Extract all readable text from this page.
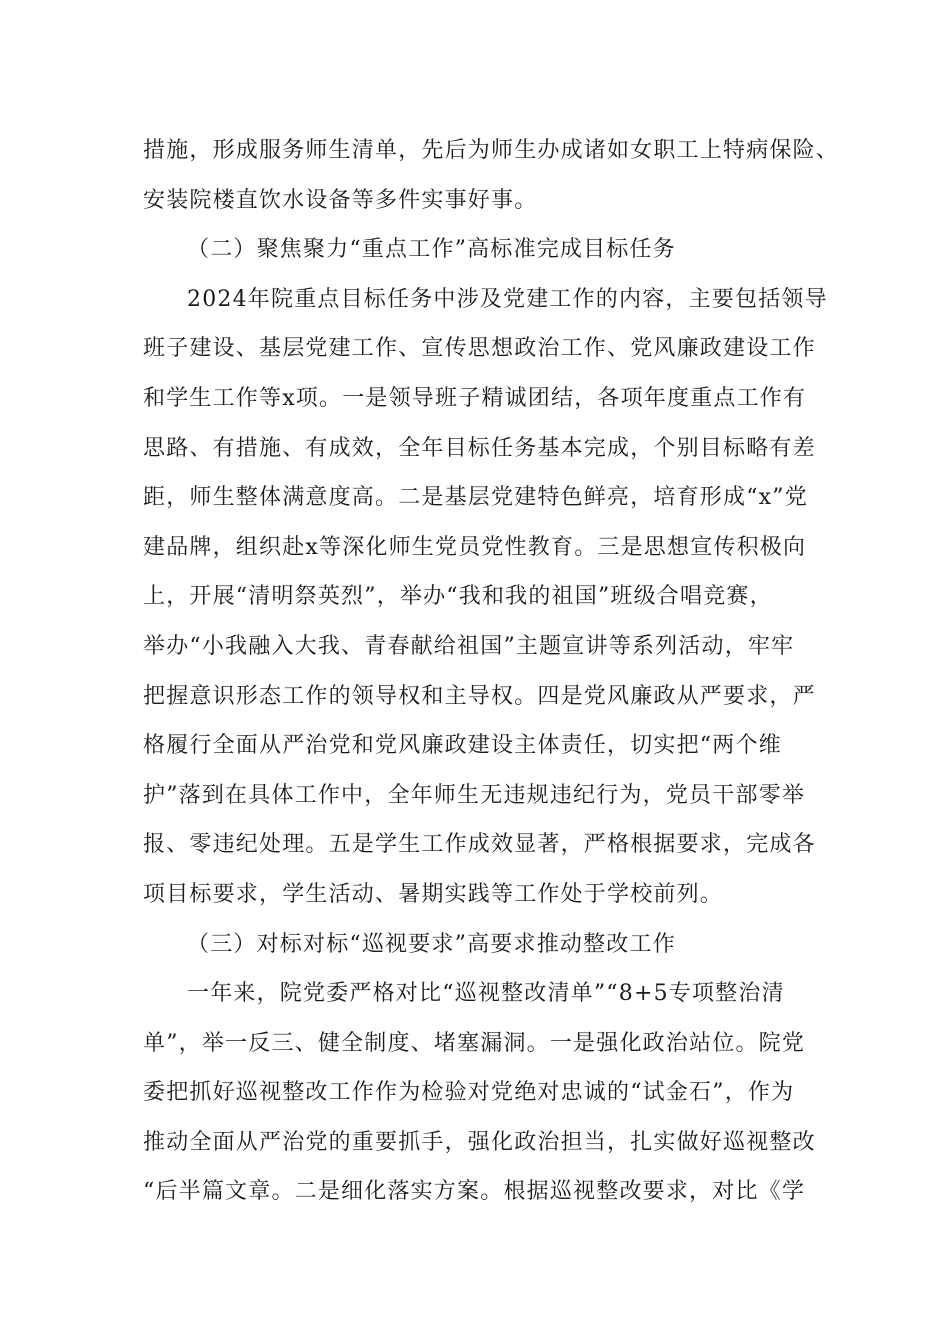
措施，形成服务师生清单，先后为师生办成诸如女职工上特病保险、
安装院楼直饮水设备等多件实事好事。
（二）聚焦聚力“重点工作”高标准完成目标任务
2024年院重点目标任务中涉及党建工作的内容，主要包括领导
班子建设、基层党建工作、宣传思想政治工作、党风廉政建设工作
和学生工作等x项。一是领导班子精诚团结，各项年度重点工作有
思路、有措施、有成效，全年目标任务基本完成，个别目标略有差
距，师生整体满意度高。二是基层党建特色鲜亮，培育形成“x”党
建品牌，组织赴x等深化师生党员党性教育。三是思想宣传积极向
上，开展“清明祭英烈”，举办“我和我的祖国”班级合唱竞赛，
举办“小我融入大我、青春献给祖国”主题宣讲等系列活动，牢牢
把握意识形态工作的领导权和主导权。四是党风廉政从严要求，严
格履行全面从严治党和党风廉政建设主体责任，切实把“两个维
护”落到在具体工作中，全年师生无违规违纪行为，党员干部零举
报、零违纪处理。五是学生工作成效显著，严格根据要求，完成各
项目标要求，学生活动、暑期实践等工作处于学校前列。
（三）对标对标“巡视要求”高要求推动整改工作
一年来，院党委严格对比“巡视整改清单”“8+5专项整治清
单”，举一反三、健全制度、堵塞漏洞。一是强化政治站位。院党
委把抓好巡视整改工作作为检验对党绝对忠诚的“试金石”，作为
推动全面从严治党的重要抓手，强化政治担当，扎实做好巡视整改
“后半篇文章。二是细化落实方案。根据巡视整改要求，对比《学
